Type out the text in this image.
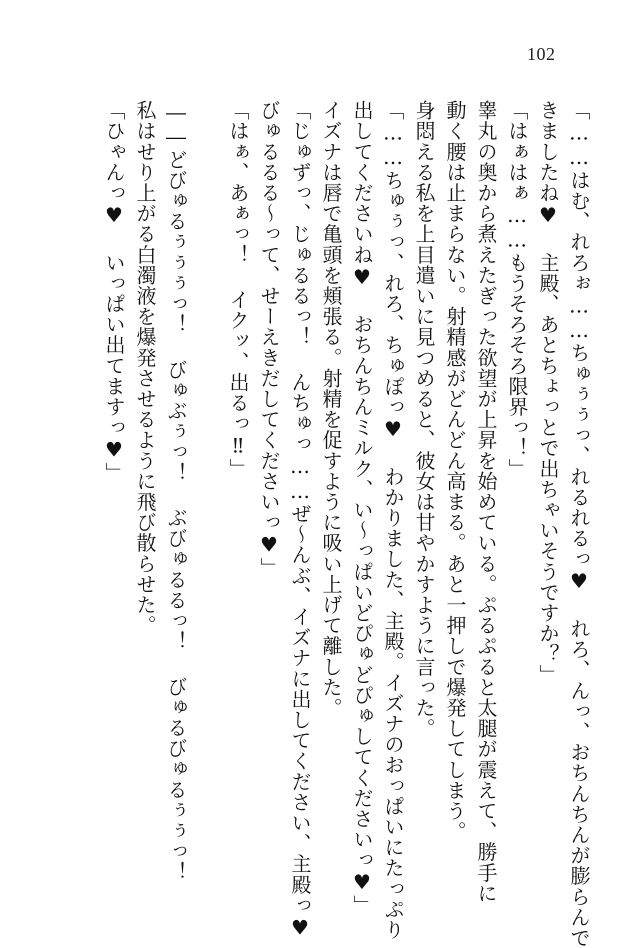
102

「……はむ、れろぉ……ちゅぅぅっ、れるれるっ♥ れろ、んっ、おちんちんが膨らんで

きましたね♥ 主殿、あとちょっとで出ちゃいそうですか？」

「はぁはぁ……もうそろそろ限界っ！」

睾丸の奥から煮えたぎった欲望が上昇を始めている。ぷるぷると太腿が震えて、勝手に

動く腰は止まらない。射精感がどんどん高まる。あと一押しで爆発してしまう。

身悶える私を上目遣いに見つめると、彼女は甘やかすように言った。

「……ちゅぅっ、れろ、ちゅぽっ♥ わかりました、主殿。イズナのおっぱいにたっぷり

出してくださいね♥ おちんちんミルク、い～っぱいどぴゅどぴゅしてくださいっ♥」

イズナは唇で亀頭を頬張る。射精を促すように吸い上げて離した。

「じゅずっ、じゅるるっ！ んちゅっ……ぜ～んぶ、イズナに出してください、主殿っ♥

びゅるるる～って、せーえきだしてくださいっ♥」

「はぁ、あぁっ！ イクッ、出るっ‼」

――どびゅるぅぅぅっ！ びゅぶぅっ！ ぶびゅるるっ！ びゅるびゅるぅぅっ！

私はせり上がる白濁液を爆発させるように飛び散らせた。

「ひゃんっ♥ いっぱい出てますっ♥」
